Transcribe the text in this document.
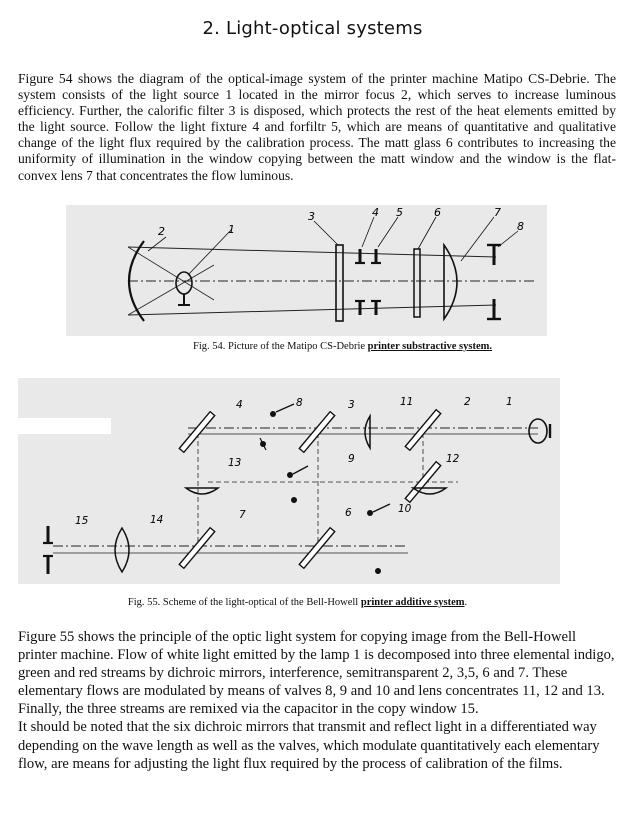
2. Light-optical systems
Figure 54 shows the diagram of the optical-image system of the printer machine Matipo CS-Debrie. The system consists of the light source 1 located in the mirror focus 2, which serves to increase luminous efficiency. Further, the calorific filter 3 is disposed, which protects the rest of the heat elements emitted by the light source. Follow the light fixture 4 and forfiltr 5, which are means of quantitative and qualitative change of the light flux required by the calibration process. The matt glass 6 contributes to increasing the uniformity of illumination in the window copying between the matt window and the window is the flat-convex lens 7 that concentrates the flow luminous.
2	1
3	4 5	6	7
8
Fig. 54. Picture of the Matipo CS-Debrie printer substractive system.
1
2
3
4
6
7
8
9
10
11
12
13
14
15
Fig. 55. Scheme of the light-optical of the Bell-Howell printer additive system.
Figure 55 shows the principle of the optic light system for copying image from the Bell-Howell printer machine. Flow of white light emitted by the lamp 1 is decomposed into three elemental indigo, green and red streams by dichroic mirrors, interference, semitransparent 2, 3,5, 6 and 7. These elementary flows are modulated by means of valves 8, 9 and 10 and lens concentrates 11, 12 and 13. Finally, the three streams are remixed via the capacitor in the copy window 15.
It should be noted that the six dichroic mirrors that transmit and reflect light in a differentiated way depending on the wave length as well as the valves, which modulate quantitatively each elementary flow, are means for adjusting the light flux required by the process of calibration of the films.
